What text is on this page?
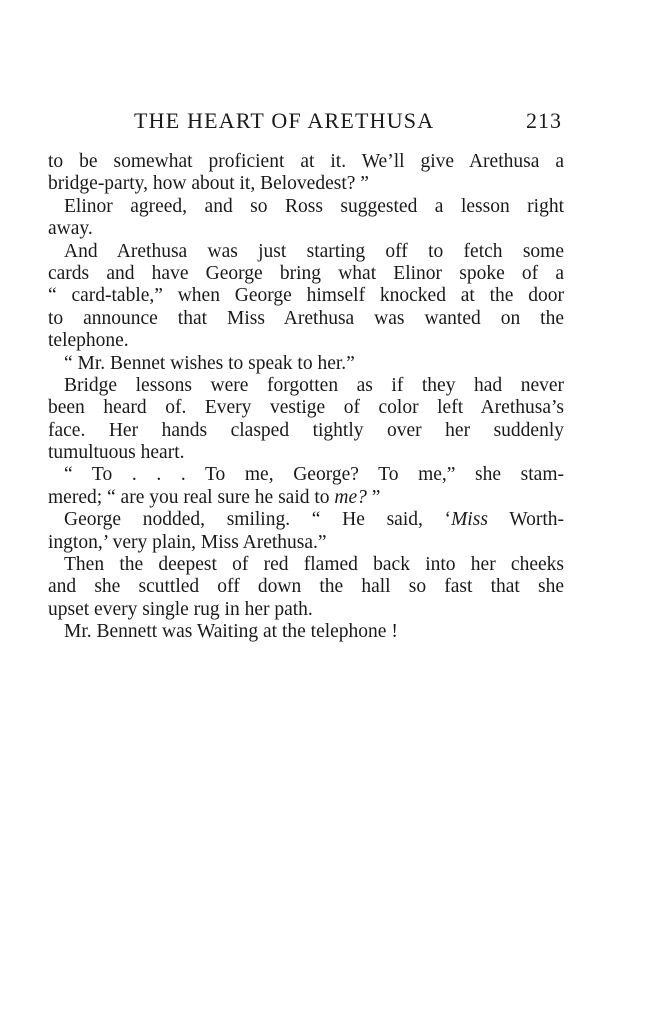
THE HEART OF ARETHUSA	213
to be somewhat proficient at it. We’ll give Arethusa a
bridge-party, how about it, Belovedest? ”
Elinor agreed, and so Ross suggested a lesson right
away.
And Arethusa was just starting off to fetch some
cards and have George bring what Elinor spoke of a
“ card-table,” when George himself knocked at the door
to announce that Miss Arethusa was wanted on the
telephone.
“ Mr. Bennet wishes to speak to her.”
Bridge lessons were forgotten as if they had never
been heard of. Every vestige of color left Arethusa’s
face. Her hands clasped tightly over her suddenly
tumultuous heart.
“ To . . . To me, George? To me,” she stam-
mered; “ are you real sure he said to me? ”
George nodded, smiling. “ He said, ‘Miss Worth-
ington,’ very plain, Miss Arethusa.”
Then the deepest of red flamed back into her cheeks
and she scuttled off down the hall so fast that she
upset every single rug in her path.
Mr. Bennett was Waiting at the telephone !
